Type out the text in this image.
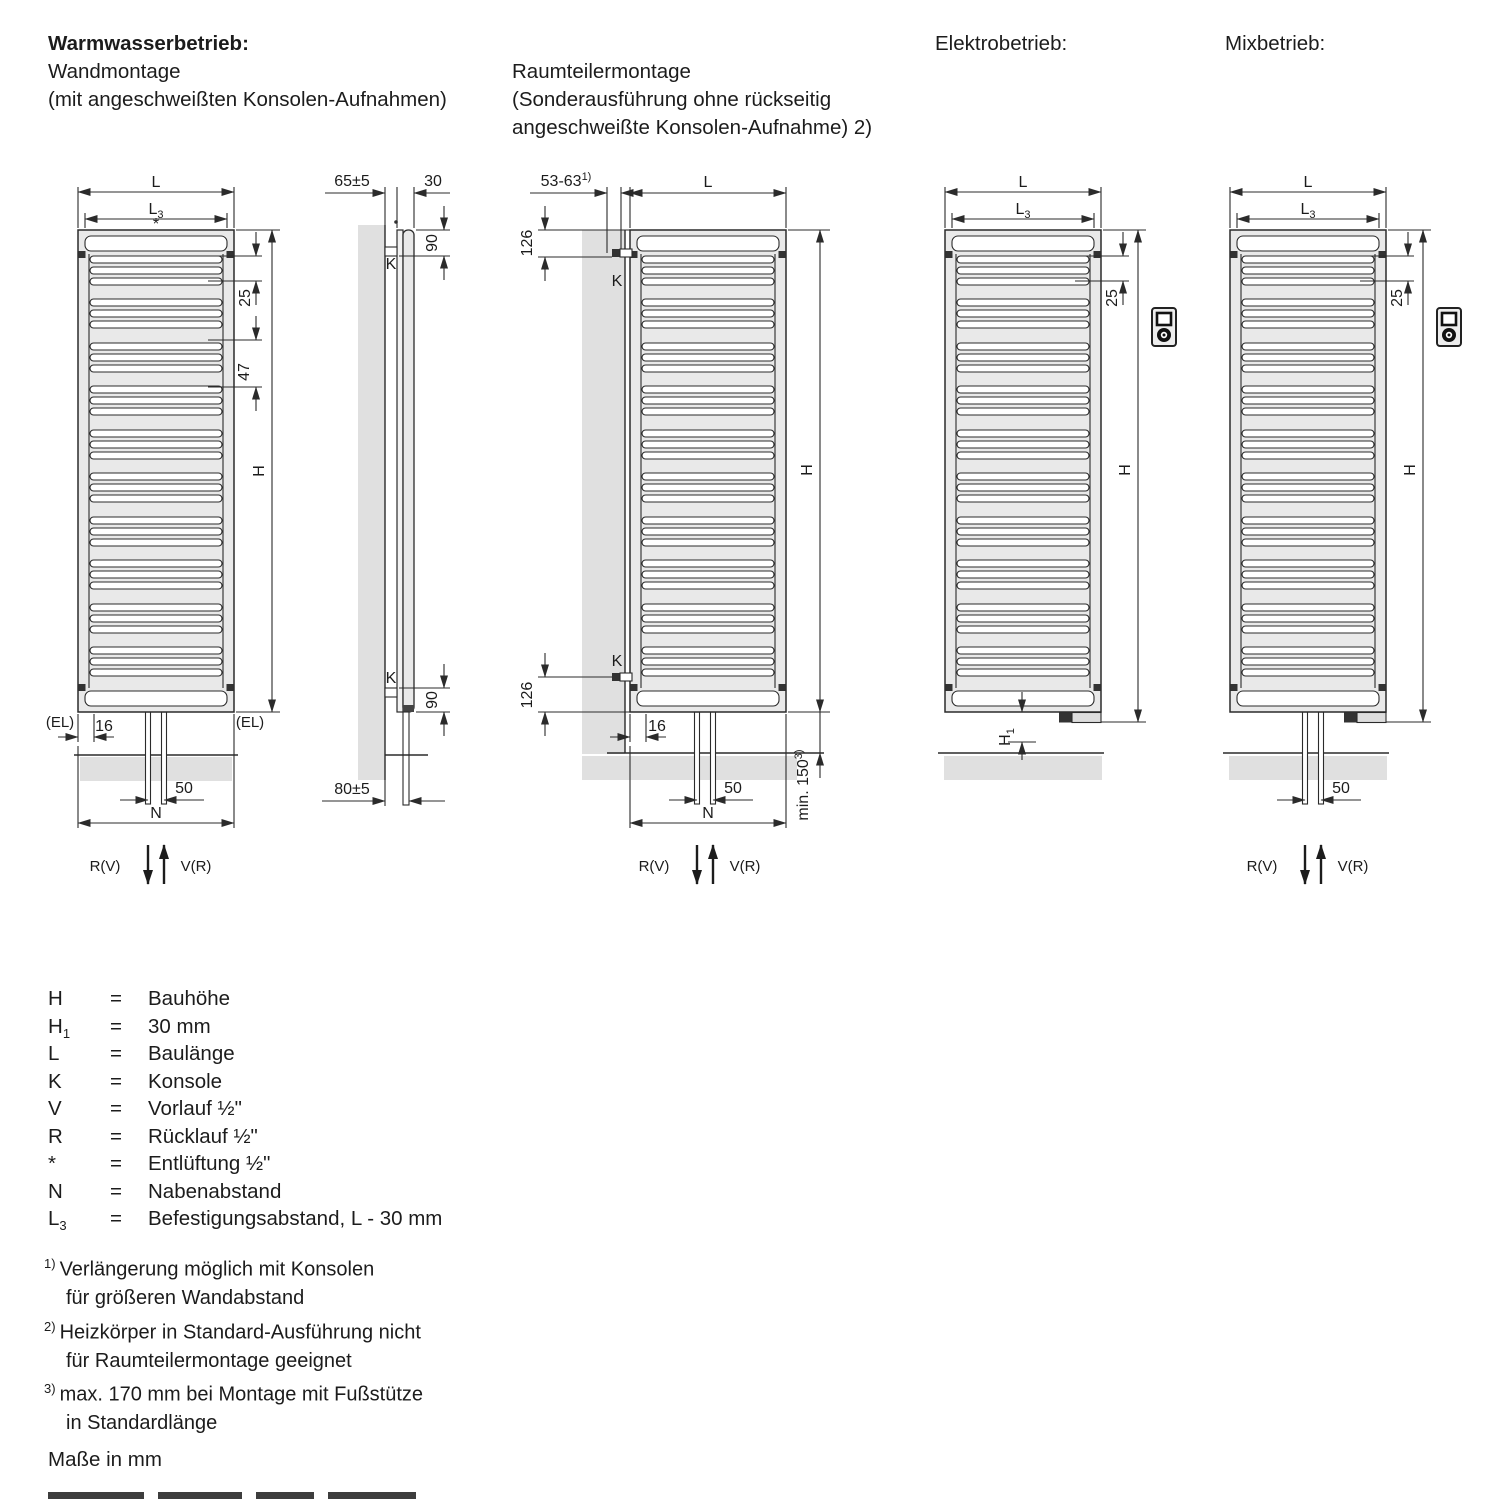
Warmwasserbetrieb:
Wandmontage
(mit angeschweißten Konsolen-Aufnahmen)
Raumteilermontage
(Sonderausführung ohne rückseitig
angeschweißte Konsolen-Aufnahme) 2)
Elektrobetrieb:	Mixbetrieb:
*
L
$L_3$
H
25
47
(EL)	(EL)
16
50
N
R(V)	V(R)
K
K
65±5	30
90
90
80±5
K
K
53-63$^{1)}$	L
126
126
H
min. 150$^{3)}$
16
50
N
R(V)	V(R)
L
$L_3$
25
H
$H_1$
L
$L_3$
25
H
50
R(V)	V(R)
H = Bauhöhe
$H_1 = 30$ mm
L = Baulänge
K = Konsole
V = Vorlauf ½"
R = Rücklauf ½"
*	= Entlüftung ½"
N = Nabenabstand
$L_3$ = Befestigungsabstand, L - 30 mm
$^{1)}$ Verlängerung möglich mit Konsolen
für größeren Wandabstand
$^{2)}$ Heizkörper in Standard-Ausführung nicht
für Raumteilermontage geeignet
$^{3)}$ max. 170 mm bei Montage mit Fußstütze
in Standardlänge
Maße in mm
